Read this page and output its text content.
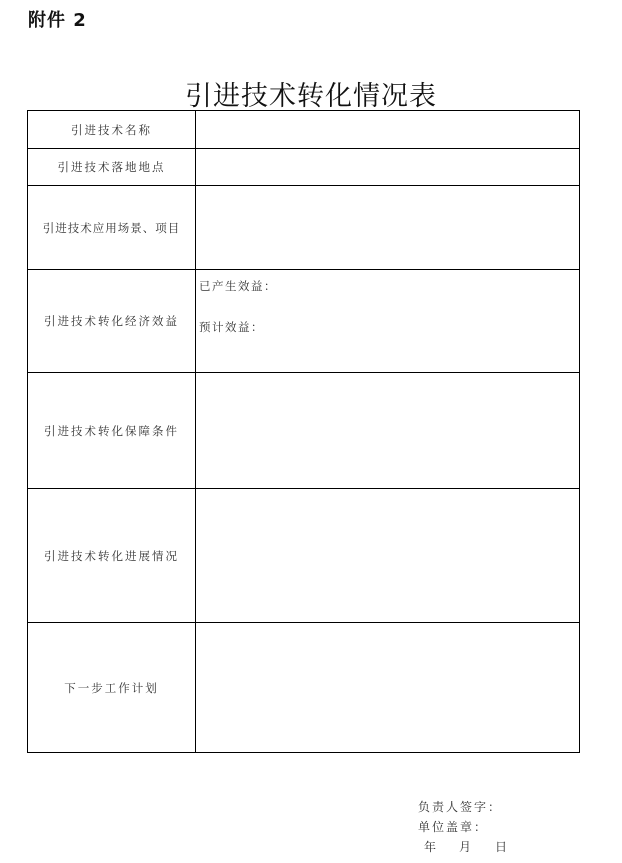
附件 2
引进技术转化情况表
引进技术名称	
引进技术落地地点	
引进技术应用场景、项目	
引进技术转化经济效益	已产生效益：
预计效益：

引进技术转化保障条件	
引进技术转化进展情况	
下一步工作计划	
负责人签字：
单位盖章：
年 月 日
